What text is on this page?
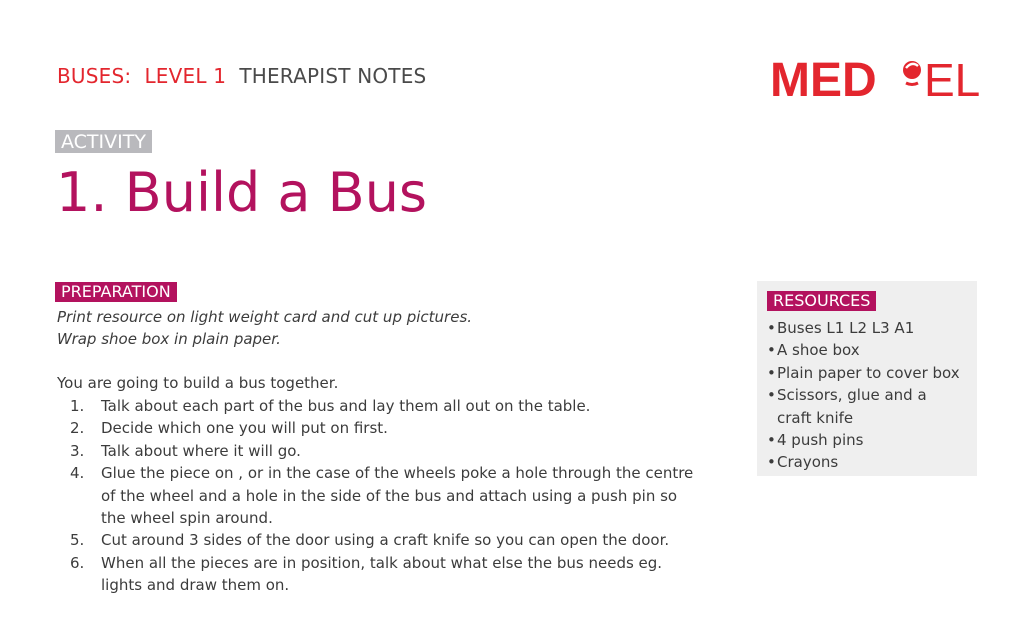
BUSES: LEVEL 1 THERAPIST NOTES	MED EL
ACTIVITY
1. Build a Bus
PREPARATION
Print resource on light weight card and cut up pictures.
Wrap shoe box in plain paper.
You are going to build a bus together.
1. Talk about each part of the bus and lay them all out on the table.
2. Decide which one you will put on first.
3. Talk about where it will go.
4. Glue the piece on , or in the case of the wheels poke a hole through the centre
of the wheel and a hole in the side of the bus and attach using a push pin so
the wheel spin around.
5. Cut around 3 sides of the door using a craft knife so you can open the door.
6. When all the pieces are in position, talk about what else the bus needs eg.
lights and draw them on.
RESOURCES
• Buses L1 L2 L3 A1
• A shoe box
• Plain paper to cover box
• Scissors, glue and a
craft knife
• 4 push pins
• Crayons
